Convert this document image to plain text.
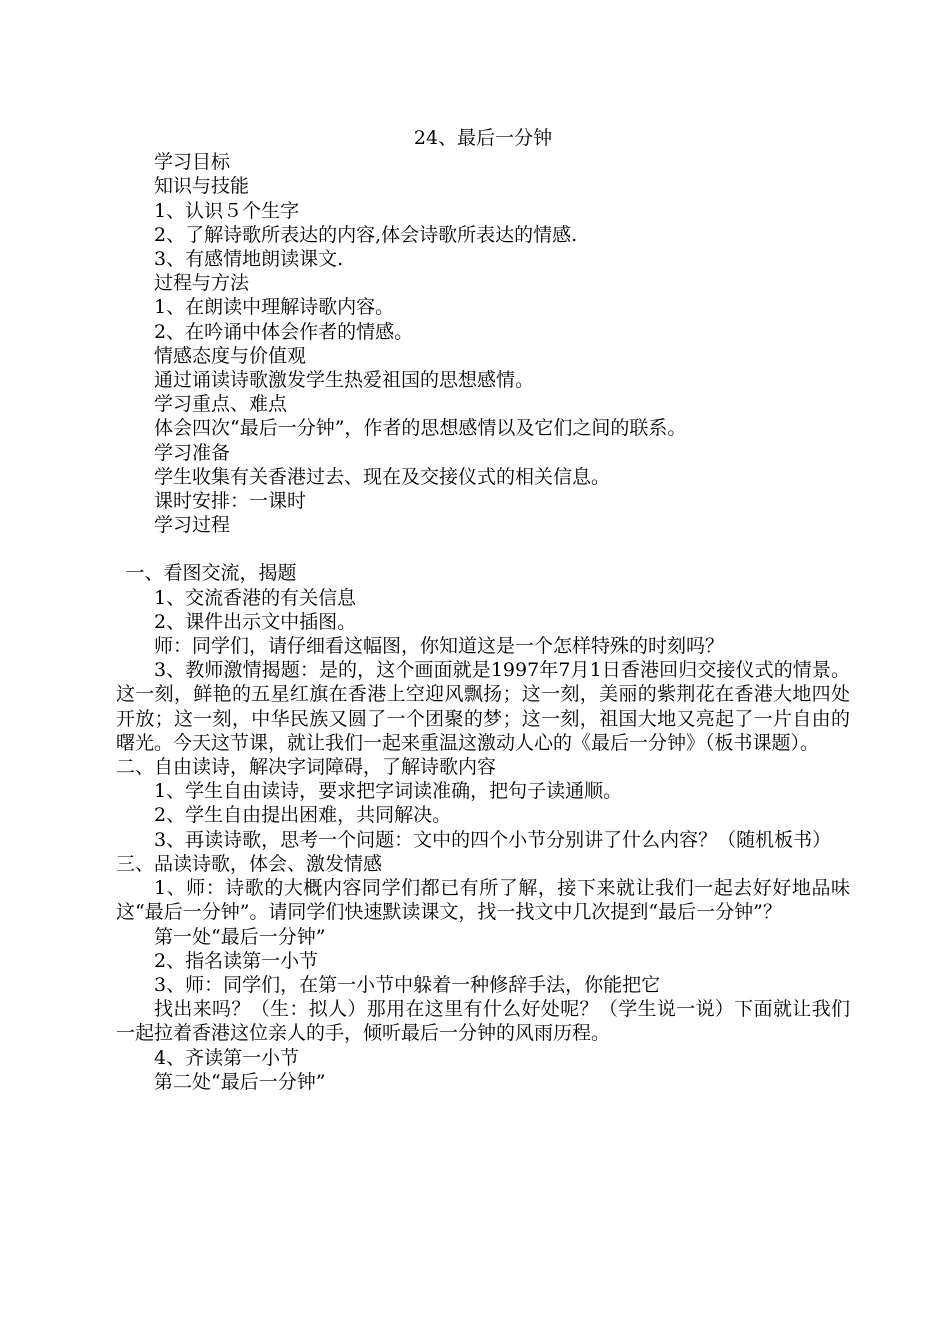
24、最后一分钟
学习目标
知识与技能
1、认识５个生字
2、了解诗歌所表达的内容,体会诗歌所表达的情感.
3、有感情地朗读课文.
过程与方法
1、在朗读中理解诗歌内容。
2、在吟诵中体会作者的情感。
情感态度与价值观
通过诵读诗歌激发学生热爱祖国的思想感情。
学习重点、难点
体会四次“最后一分钟”，作者的思想感情以及它们之间的联系。
学习准备
学生收集有关香港过去、现在及交接仪式的相关信息。
课时安排：一课时
学习过程
一、看图交流，揭题
1、交流香港的有关信息
2、课件出示文中插图。
师：同学们，请仔细看这幅图，你知道这是一个怎样特殊的时刻吗？
3、教师激情揭题：是的，这个画面就是1997年7月1日香港回归交接仪式的情景。这一刻，鲜艳的五星红旗在香港上空迎风飘扬；这一刻，美丽的紫荆花在香港大地四处开放；这一刻，中华民族又圆了一个团聚的梦；这一刻，祖国大地又亮起了一片自由的曙光。今天这节课，就让我们一起来重温这激动人心的《最后一分钟》（板书课题）。
二、自由读诗，解决字词障碍，了解诗歌内容
1、学生自由读诗，要求把字词读准确，把句子读通顺。
2、学生自由提出困难，共同解决。
3、再读诗歌，思考一个问题：文中的四个小节分别讲了什么内容？（随机板书）
三、品读诗歌，体会、激发情感
1、师：诗歌的大概内容同学们都已有所了解，接下来就让我们一起去好好地品味这“最后一分钟”。请同学们快速默读课文，找一找文中几次提到“最后一分钟”？
第一处“最后一分钟”
2、指名读第一小节
3、师：同学们，在第一小节中躲着一种修辞手法，你能把它
找出来吗？（生：拟人）那用在这里有什么好处呢？（学生说一说）下面就让我们一起拉着香港这位亲人的手，倾听最后一分钟的风雨历程。
4、齐读第一小节
第二处“最后一分钟”
